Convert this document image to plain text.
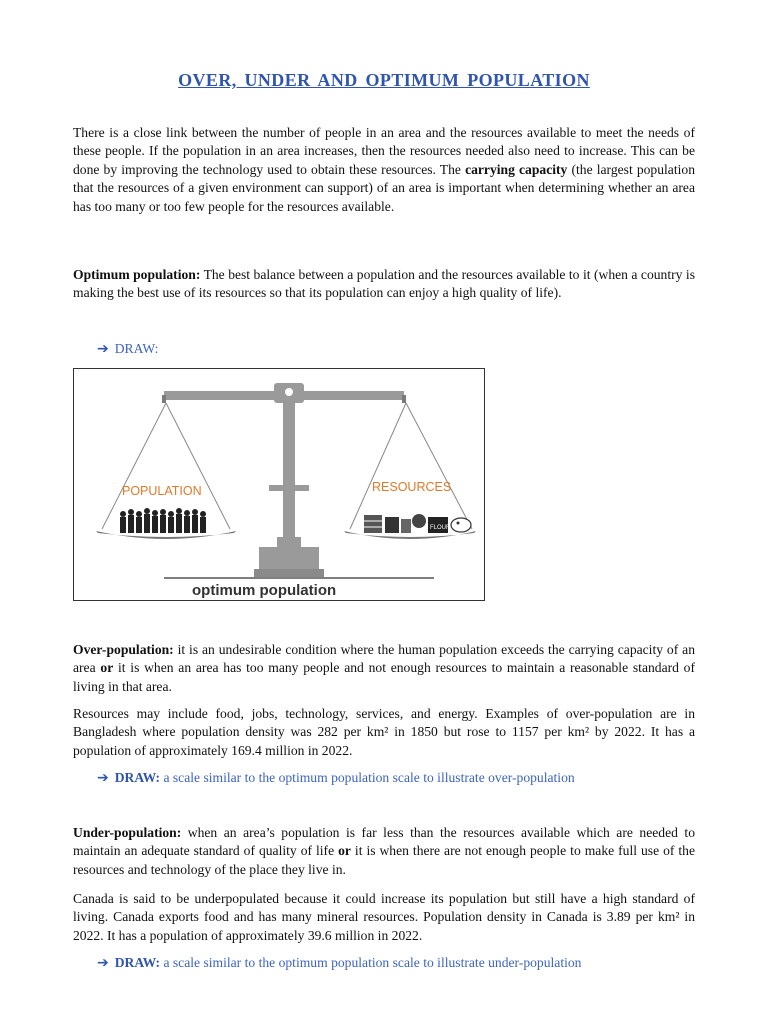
OVER, UNDER AND OPTIMUM POPULATION

There is a close link between the number of people in an area and the resources available to meet the needs of these people. If the population in an area increases, then the resources needed also need to increase. This can be done by improving the technology used to obtain these resources. The carrying capacity (the largest population that the resources of a given environment can support) of an area is important when determining whether an area has too many or too few people for the resources available.

Optimum population: The best balance between a population and the resources available to it (when a country is making the best use of its resources so that its population can enjoy a high quality of life).

➔ DRAW:
FLOUR
POPULATION	RESOURCES
optimum population

Over-population: it is an undesirable condition where the human population exceeds the carrying capacity of an area or it is when an area has too many people and not enough resources to maintain a reasonable standard of living in that area.

Resources may include food, jobs, technology, services, and energy. Examples of over-population are in Bangladesh where population density was 282 per km² in 1850 but rose to 1157 per km² by 2022. It has a population of approximately 169.4 million in 2022.

➔ DRAW: a scale similar to the optimum population scale to illustrate over-population

Under-population: when an area’s population is far less than the resources available which are needed to maintain an adequate standard of quality of life or it is when there are not enough people to make full use of the resources and technology of the place they live in.

Canada is said to be underpopulated because it could increase its population but still have a high standard of living. Canada exports food and has many mineral resources. Population density in Canada is 3.89 per km² in 2022. It has a population of approximately 39.6 million in 2022.

➔ DRAW: a scale similar to the optimum population scale to illustrate under-population
